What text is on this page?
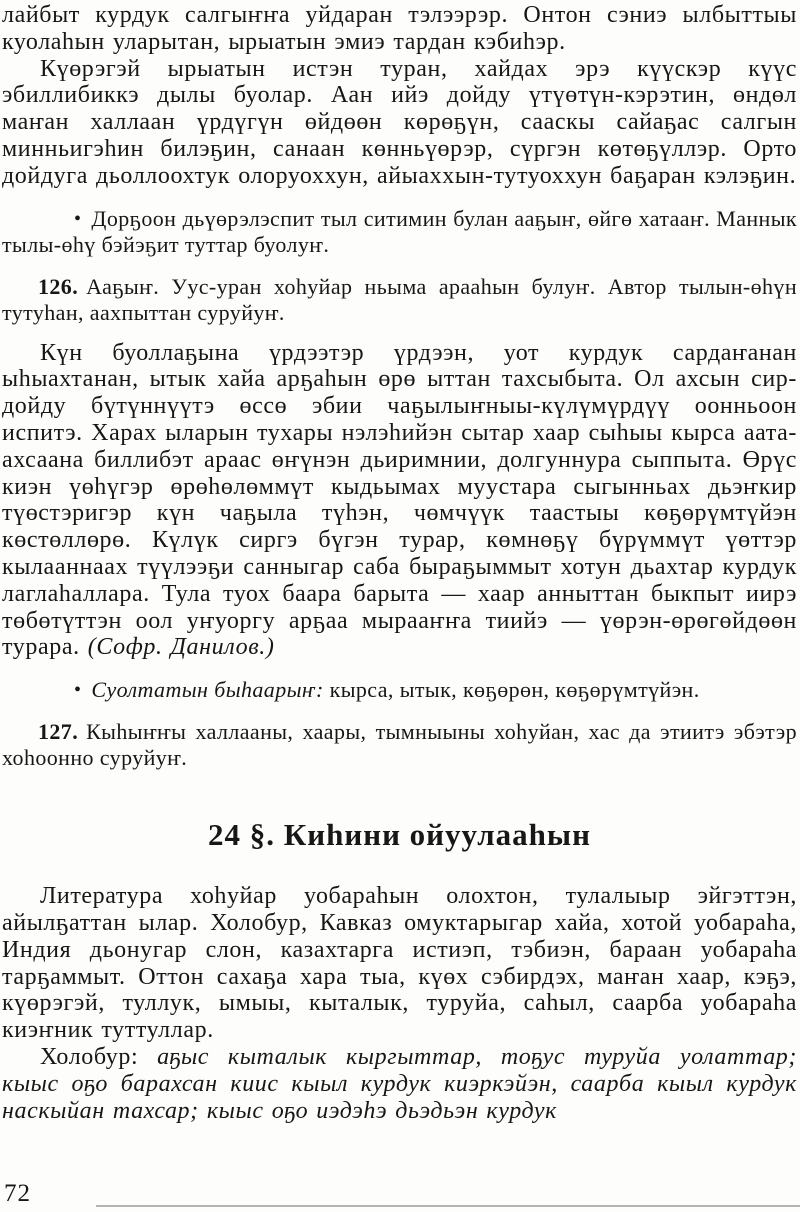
лайбыт курдук салгыҥҥа уйдаран тэлээрэр. Онтон сэниэ ылбыттыы куолаһын уларытан, ырыатын эмиэ тардан кэбиһэр.

Күөрэгэй ырыатын истэн туран, хайдах эрэ күүскэр күүс эбиллибиккэ дылы буолар. Аан ийэ дойду үтүөтүн-кэрэтин, өндөл маҥан халлаан үрдүгүн өйдөөн көрөҕүн, сааскы сайаҕас салгын минньигэһин билэҕин, санаан көнньүөрэр, сүргэн көтөҕүллэр. Орто дойдуга дьоллоохтук олоруоххун, айыаххын-тутуоххун баҕаран кэлэҕин.

• Дорҕоон дьүөрэлэспит тыл ситимин булан ааҕыҥ, өйгө хатааҥ. Маннык тылы-өһү бэйэҕит туттар буолуҥ.

126. Ааҕыҥ. Уус-уран хоһуйар ньыма арааһын булуҥ. Автор тылын-өһүн тутуһан, аахпыттан суруйуҥ.

Күн буоллаҕына үрдээтэр үрдээн, уот курдук сардаҥанан ыһыахтанан, ытык хайа арҕаһын өрө ыттан тахсыбыта. Ол ахсын сир-дойду бүтүннүүтэ өссө эбии чаҕылыҥныы-күлүмүрдүү оонньоон испитэ. Харах ыларын тухары нэлэһийэн сытар хаар сыһыы кырса аата-ахсаана биллибэт араас өҥүнэн дьиримнии, долгуннура сыппыта. Өрүс киэн үөһүгэр өрөһөлөммүт кыдьымах муустара сыгынньах дьэҥкир түөстэригэр күн чаҕыла түһэн, чөмчүүк таастыы көҕөрүмтүйэн көстөллөрө. Күлүк сиргэ бүгэн турар, көмнөҕү бүрүммүт үөттэр кылааннаах түүлээҕи санныгар саба быраҕыммыт хотун дьахтар курдук лаглаһаллара. Тула туох баара барыта — хаар анныттан быкпыт иирэ төбөтүттэн оол уҥуоргу арҕаа мырааҥҥа тиийэ — үөрэн-өрөгөйдөөн турара. (Софр. Данилов.)

• Суолтатын быһаарыҥ: кырса, ытык, көҕөрөн, көҕөрүмтүйэн.

127. Кыһыҥҥы халлааны, хаары, тымныыны хоһуйан, хас да этиитэ эбэтэр хоһоонно суруйуҥ.

24 §. Киһини ойуулааһын

Литература хоһуйар уобараһын олохтон, тулалыыр эйгэттэн, айылҕаттан ылар. Холобур, Кавказ омуктарыгар хайа, хотой уобараһа, Индия дьонугар слон, казахтарга истиэп, тэбиэн, бараан уобараһа тарҕаммыт. Оттон сахаҕа хара тыа, күөх сэбирдэх, маҥан хаар, кэҕэ, күөрэгэй, туллук, ымыы, кыталык, туруйа, саһыл, саарба уобараһа киэҥник туттуллар.

Холобур: аҕыс кыталык кыргыттар, тоҕус туруйа уолаттар; кыыс оҕо барахсан киис кыыл курдук киэркэйэн, саарба кыыл курдук наскыйан тахсар; кыыс оҕо иэдэһэ дьэдьэн курдук

72
